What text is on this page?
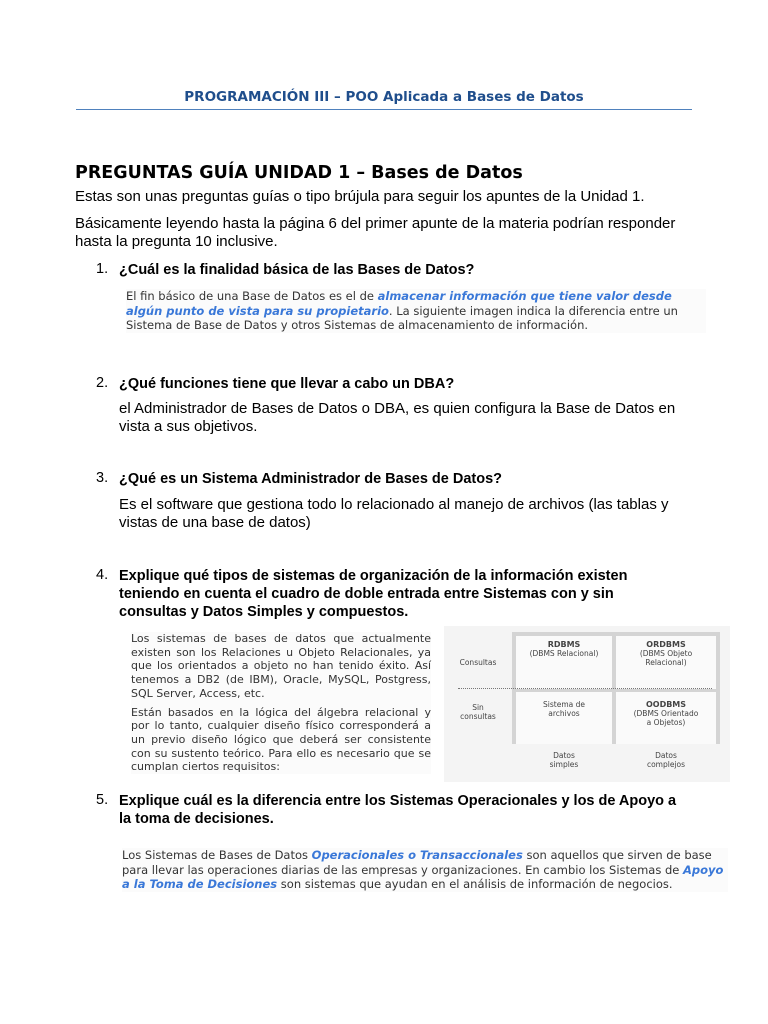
PROGRAMACIÓN III – POO Aplicada a Bases de Datos
PREGUNTAS GUÍA UNIDAD 1 – Bases de Datos
Estas son unas preguntas guías o tipo brújula para seguir los apuntes de la Unidad 1.
Básicamente leyendo hasta la página 6 del primer apunte de la materia podrían responder hasta la pregunta 10 inclusive.
1. ¿Cuál es la finalidad básica de las Bases de Datos?
El fin básico de una Base de Datos es el de almacenar información que tiene valor desde algún punto de vista para su propietario. La siguiente imagen indica la diferencia entre un Sistema de Base de Datos y otros Sistemas de almacenamiento de información.
2. ¿Qué funciones tiene que llevar a cabo un DBA?
el Administrador de Bases de Datos o DBA, es quien configura la Base de Datos en vista a sus objetivos.
3. ¿Qué es un Sistema Administrador de Bases de Datos?
Es el software que gestiona todo lo relacionado al manejo de archivos (las tablas y vistas de una base de datos)
4. Explique qué tipos de sistemas de organización de la información existen teniendo en cuenta el cuadro de doble entrada entre Sistemas con y sin consultas y Datos Simples y compuestos.
Los sistemas de bases de datos que actualmente existen son los Relaciones u Objeto Relacionales, ya que los orientados a objeto no han tenido éxito. Así tenemos a DB2 (de IBM), Oracle, MySQL, Postgress, SQL Server, Access, etc.
Están basados en la lógica del álgebra relacional y por lo tanto, cualquier diseño físico corresponderá a un previo diseño lógico que deberá ser consistente con su sustento teórico. Para ello es necesario que se cumplan ciertos requisitos:
RDBMS
(DBMS Relacional)
ORDBMS
(DBMS Objeto Relacional)
Sistema de archivos
OODBMS
(DBMS Orientado a Objetos)
Consultas
Sin consultas
Datos simples
Datos complejos
5. Explique cuál es la diferencia entre los Sistemas Operacionales y los de Apoyo a la toma de decisiones.
Los Sistemas de Bases de Datos Operacionales o Transaccionales son aquellos que sirven de base para llevar las operaciones diarias de las empresas y organizaciones. En cambio los Sistemas de Apoyo a la Toma de Decisiones son sistemas que ayudan en el análisis de información de negocios.
